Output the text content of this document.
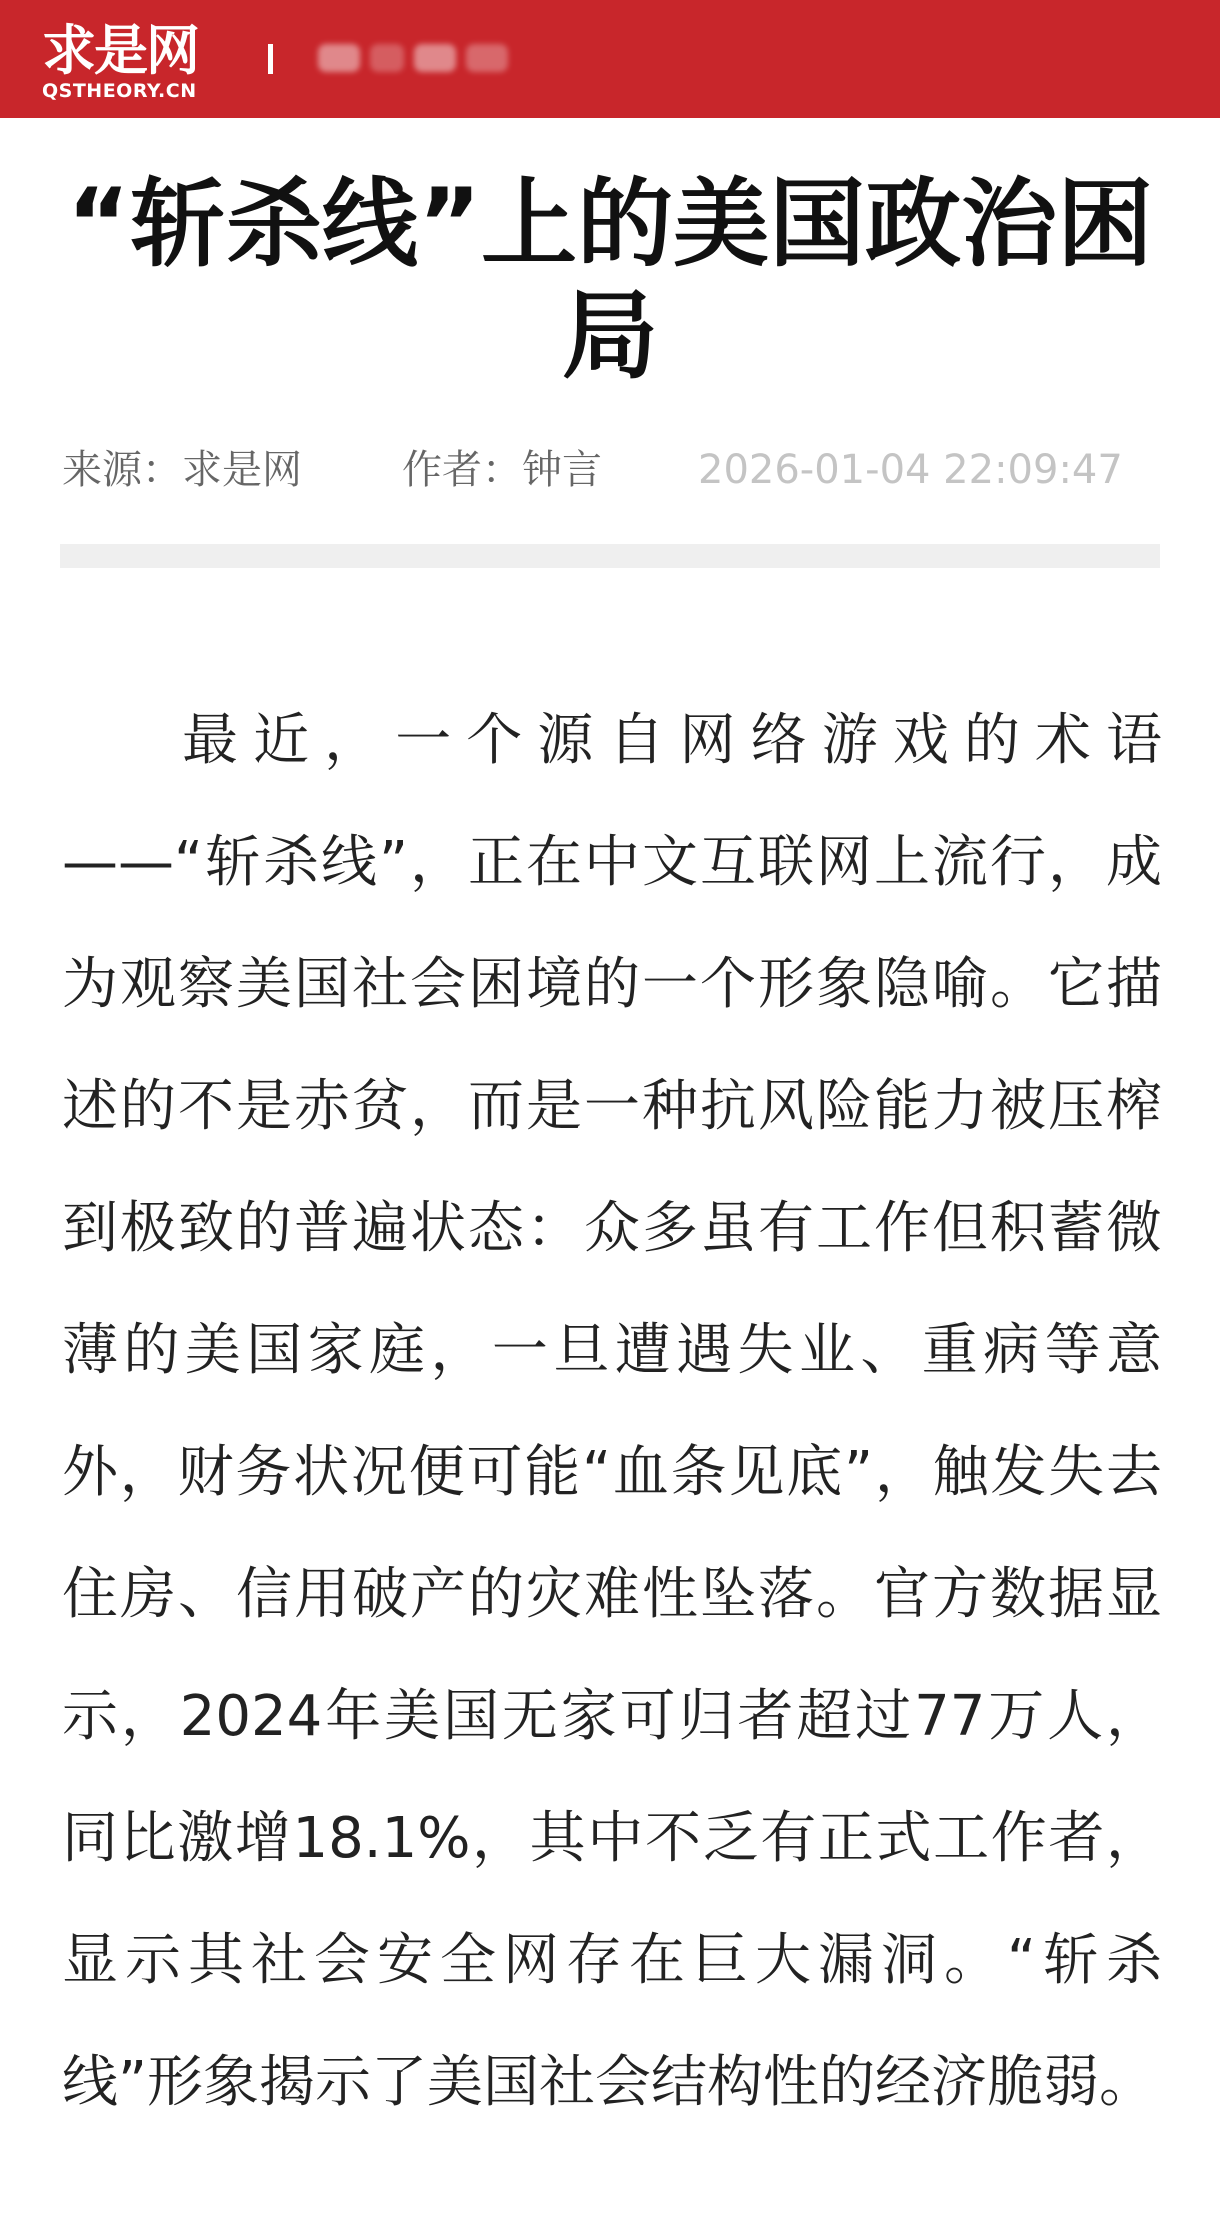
求是网
QSTHEORY.CN
“斩杀线”上的美国政治困局
来源：求是网	作者：钟言 2026-01-04 22:09:47

最近，一个源自网络游戏的术语——“斩杀线”，正在中文互联网上流行，成为观察美国社会困境的一个形象隐喻。它描述的不是赤贫，而是一种抗风险能力被压榨到极致的普遍状态：众多虽有工作但积蓄微薄的美国家庭，一旦遭遇失业、重病等意外，财务状况便可能“血条见底”，触发失去住房、信用破产的灾难性坠落。官方数据显示，2024年美国无家可归者超过77万人，同比激增18.1%，其中不乏有正式工作者，显示其社会安全网存在巨大漏洞。“斩杀线”形象揭示了美国社会结构性的经济脆弱。
